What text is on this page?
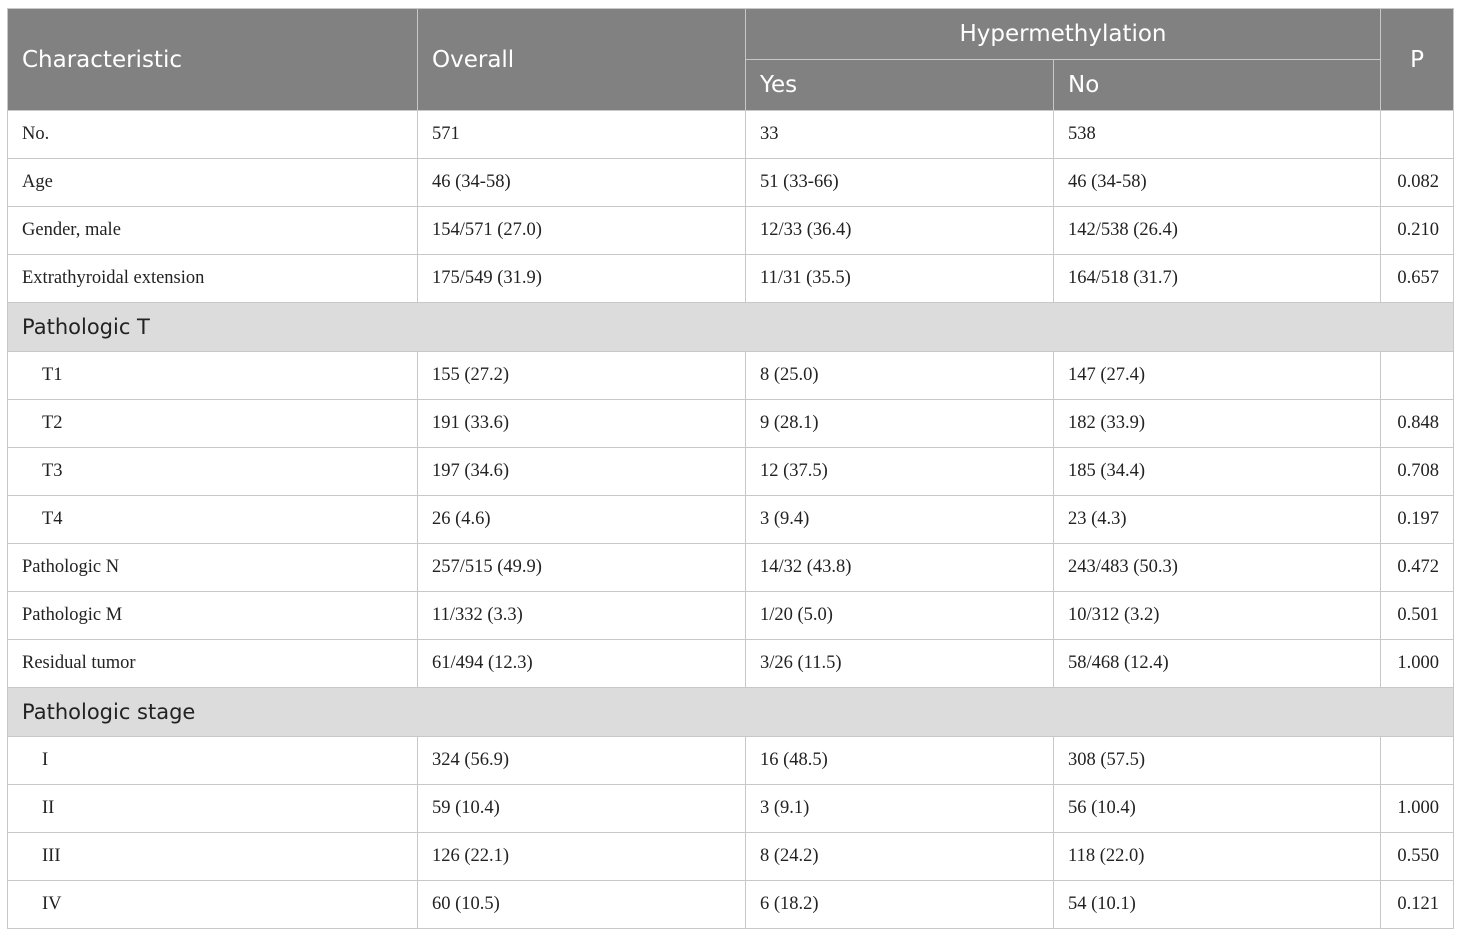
Characteristic	Overall	Hypermethylation		P
		Yes	No	
No.	571	33	538	
Age	46 (34-58)	51 (33-66)	46 (34-58)	0.082
Gender, male	154/571 (27.0)	12/33 (36.4)	142/538 (26.4)	0.210
Extrathyroidal extension	175/549 (31.9)	11/31 (35.5)	164/518 (31.7)	0.657
Pathologic T				
T1	155 (27.2)	8 (25.0)	147 (27.4)	
T2	191 (33.6)	9 (28.1)	182 (33.9)	0.848
T3	197 (34.6)	12 (37.5)	185 (34.4)	0.708
T4	26 (4.6)	3 (9.4)	23 (4.3)	0.197
Pathologic N	257/515 (49.9)	14/32 (43.8)	243/483 (50.3)	0.472
Pathologic M	11/332 (3.3)	1/20 (5.0)	10/312 (3.2)	0.501
Residual tumor	61/494 (12.3)	3/26 (11.5)	58/468 (12.4)	1.000
Pathologic stage				
I	324 (56.9)	16 (48.5)	308 (57.5)	
II	59 (10.4)	3 (9.1)	56 (10.4)	1.000
III	126 (22.1)	8 (24.2)	118 (22.0)	0.550
IV	60 (10.5)	6 (18.2)	54 (10.1)	0.121
